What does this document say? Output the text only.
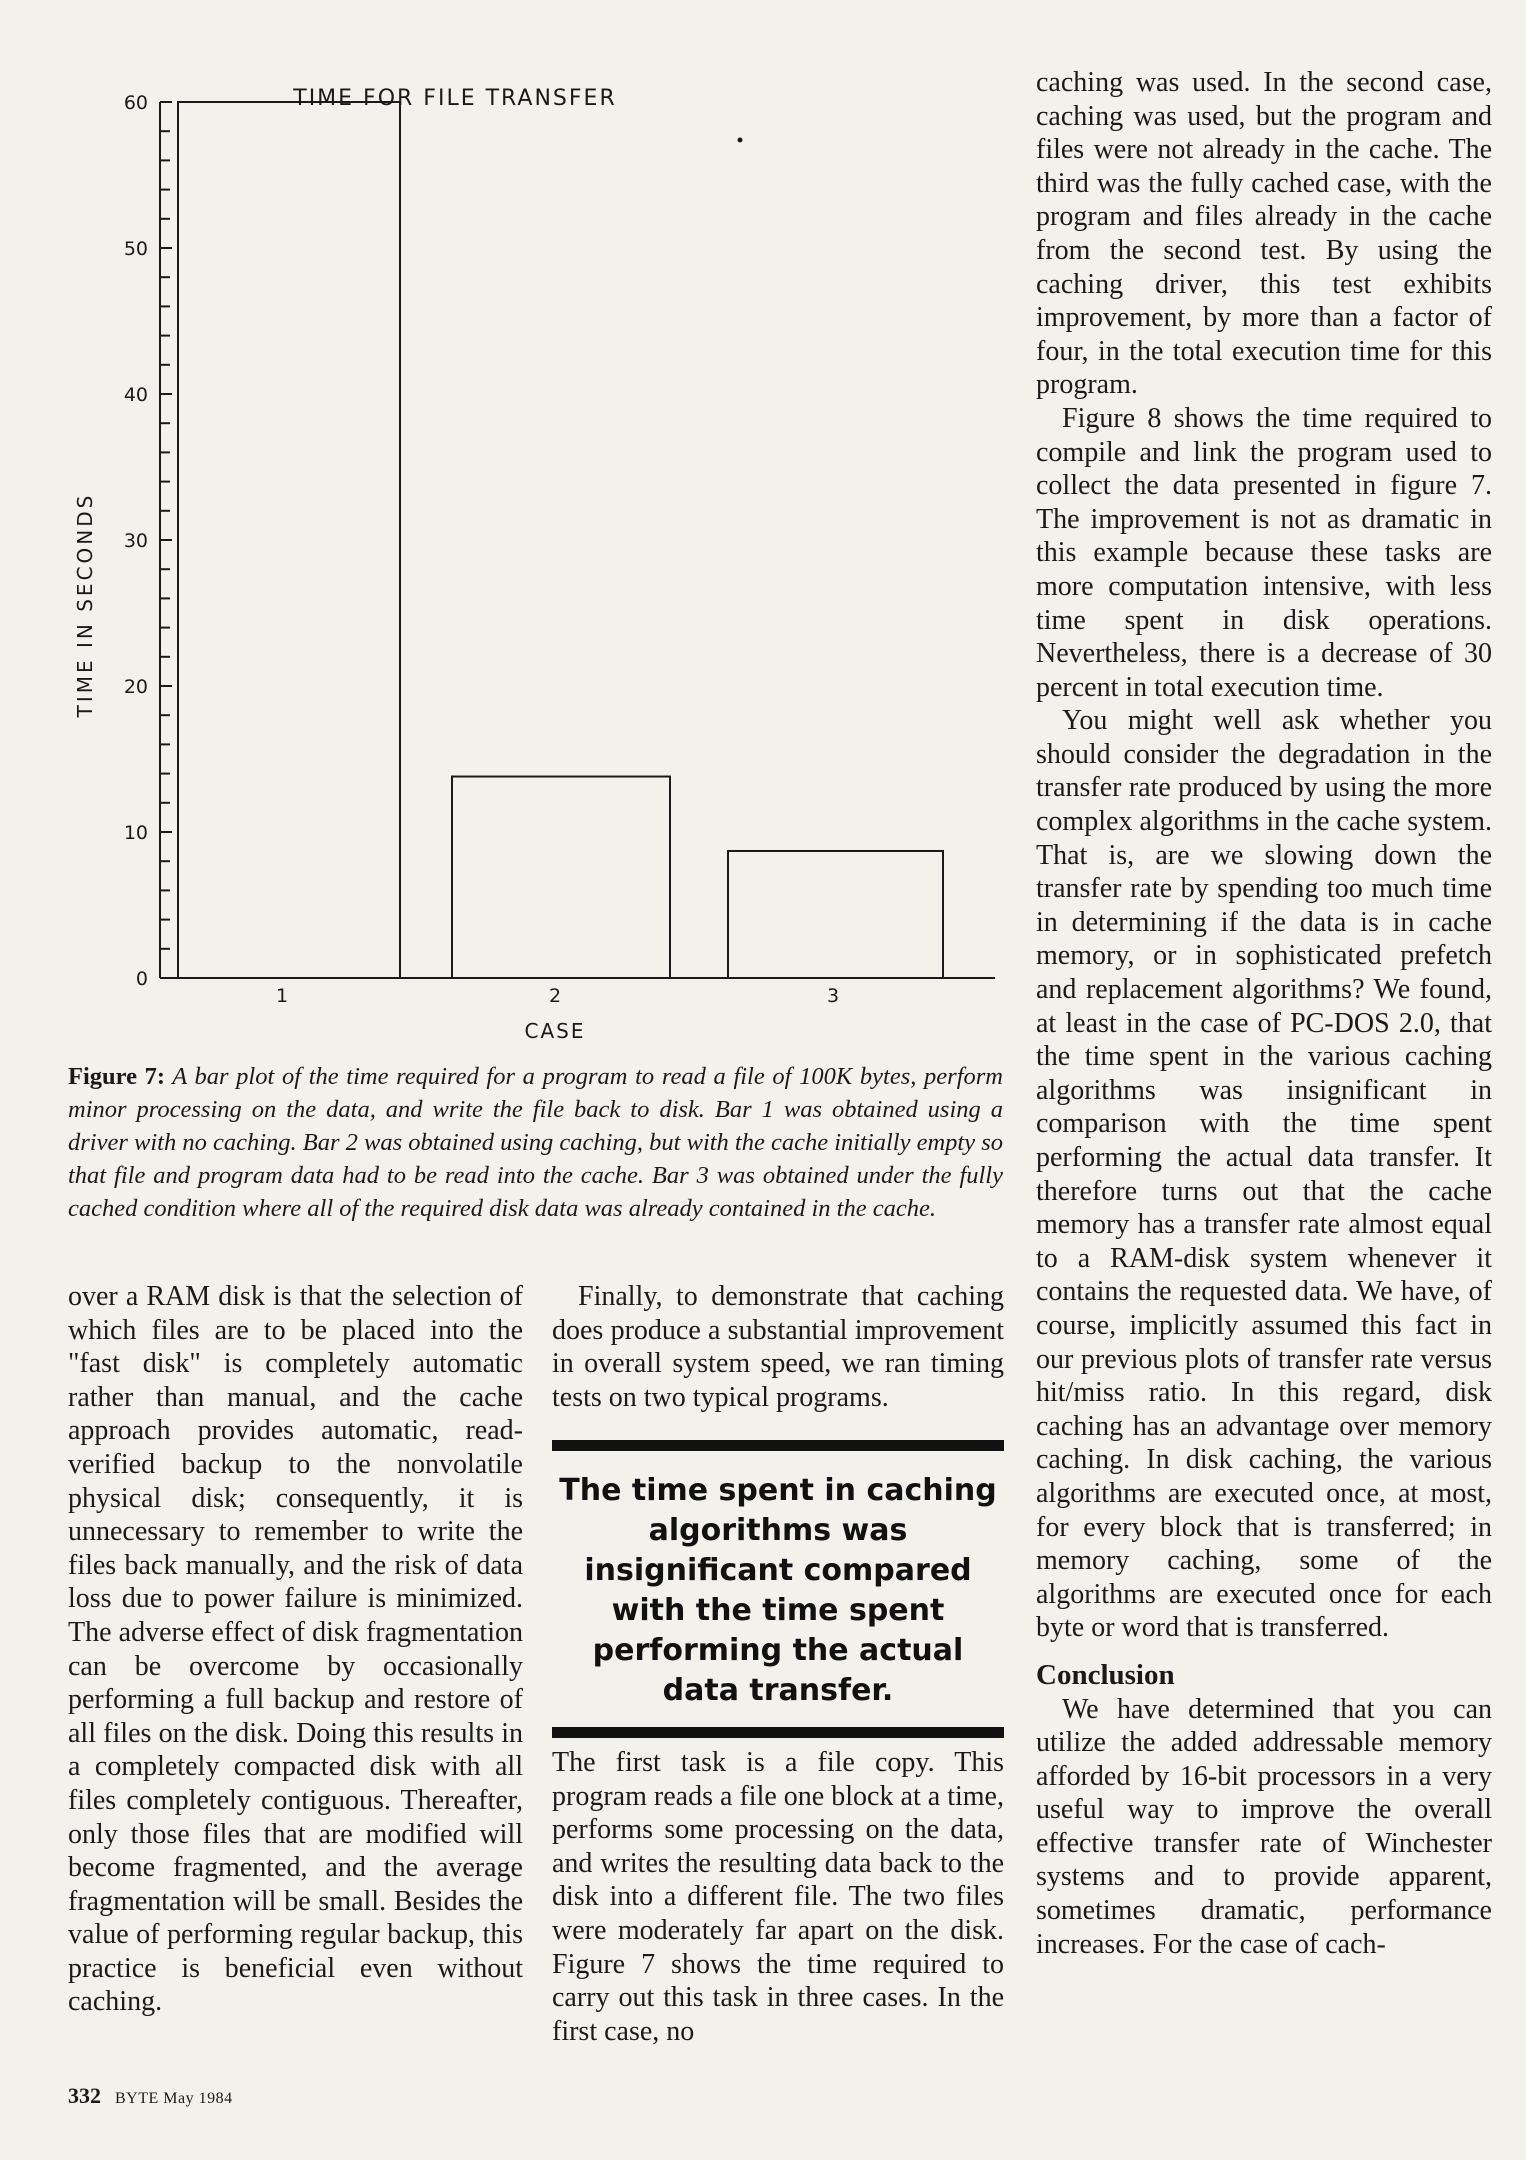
TIME FOR FILE TRANSFER
TIME IN SECONDS
0
10
20
30
40
50
60
1	2	3
CASE
Figure 7: A bar plot of the time required for a program to read a file of 100K bytes, perform minor processing on the data, and write the file back to disk. Bar 1 was obtained using a driver with no caching. Bar 2 was obtained using caching, but with the cache initially empty so that file and program data had to be read into the cache. Bar 3 was obtained under the fully cached condition where all of the required disk data was already contained in the cache.

over a RAM disk is that the selection of which files are to be placed into the "fast disk" is completely automatic rather than manual, and the cache approach provides automatic, read-verified backup to the nonvolatile physical disk; consequently, it is unnecessary to remember to write the files back manually, and the risk of data loss due to power failure is minimized. The adverse effect of disk fragmentation can be overcome by occasionally performing a full backup and restore of all files on the disk. Doing this results in a completely compacted disk with all files completely contiguous. Thereafter, only those files that are modified will become fragmented, and the average fragmentation will be small. Besides the value of performing regular backup, this practice is beneficial even without caching.

Finally, to demonstrate that caching does produce a substantial improvement in overall system speed, we ran timing tests on two typical programs.

The time spent in caching algorithms was insignificant compared with the time spent performing the actual data transfer.

The first task is a file copy. This program reads a file one block at a time, performs some processing on the data, and writes the resulting data back to the disk into a different file. The two files were moderately far apart on the disk. Figure 7 shows the time required to carry out this task in three cases. In the first case, no

caching was used. In the second case, caching was used, but the program and files were not already in the cache. The third was the fully cached case, with the program and files already in the cache from the second test. By using the caching driver, this test exhibits improvement, by more than a factor of four, in the total execution time for this program.

Figure 8 shows the time required to compile and link the program used to collect the data presented in figure 7. The improvement is not as dramatic in this example because these tasks are more computation intensive, with less time spent in disk operations. Nevertheless, there is a decrease of 30 percent in total execution time.

You might well ask whether you should consider the degradation in the transfer rate produced by using the more complex algorithms in the cache system. That is, are we slowing down the transfer rate by spending too much time in determining if the data is in cache memory, or in sophisticated prefetch and replacement algorithms? We found, at least in the case of PC-DOS 2.0, that the time spent in the various caching algorithms was insignificant in comparison with the time spent performing the actual data transfer. It therefore turns out that the cache memory has a transfer rate almost equal to a RAM-disk system whenever it contains the requested data. We have, of course, implicitly assumed this fact in our previous plots of transfer rate versus hit/miss ratio. In this regard, disk caching has an advantage over memory caching. In disk caching, the various algorithms are executed once, at most, for every block that is transferred; in memory caching, some of the algorithms are executed once for each byte or word that is transferred.

Conclusion

We have determined that you can utilize the added addressable memory afforded by 16-bit processors in a very useful way to improve the overall effective transfer rate of Winchester systems and to provide apparent, sometimes dramatic, performance increases. For the case of cach-

332 BYTE May 1984
